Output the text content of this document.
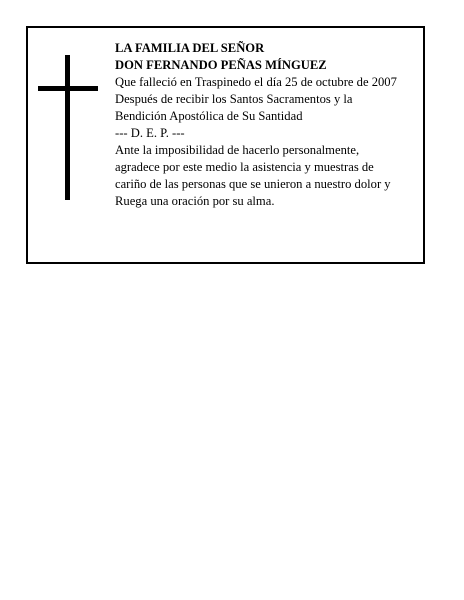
LA FAMILIA DEL SEÑOR
DON FERNANDO PEÑAS MÍNGUEZ
Que falleció en Traspinedo el día 25 de octubre de 2007
Después de recibir los Santos Sacramentos y la
Bendición Apostólica de Su Santidad
--- D. E. P. ---
Ante la imposibilidad de hacerlo personalmente,
agradece por este medio la asistencia y muestras de
cariño de las personas que se unieron a nuestro dolor y
Ruega una oración por su alma.
